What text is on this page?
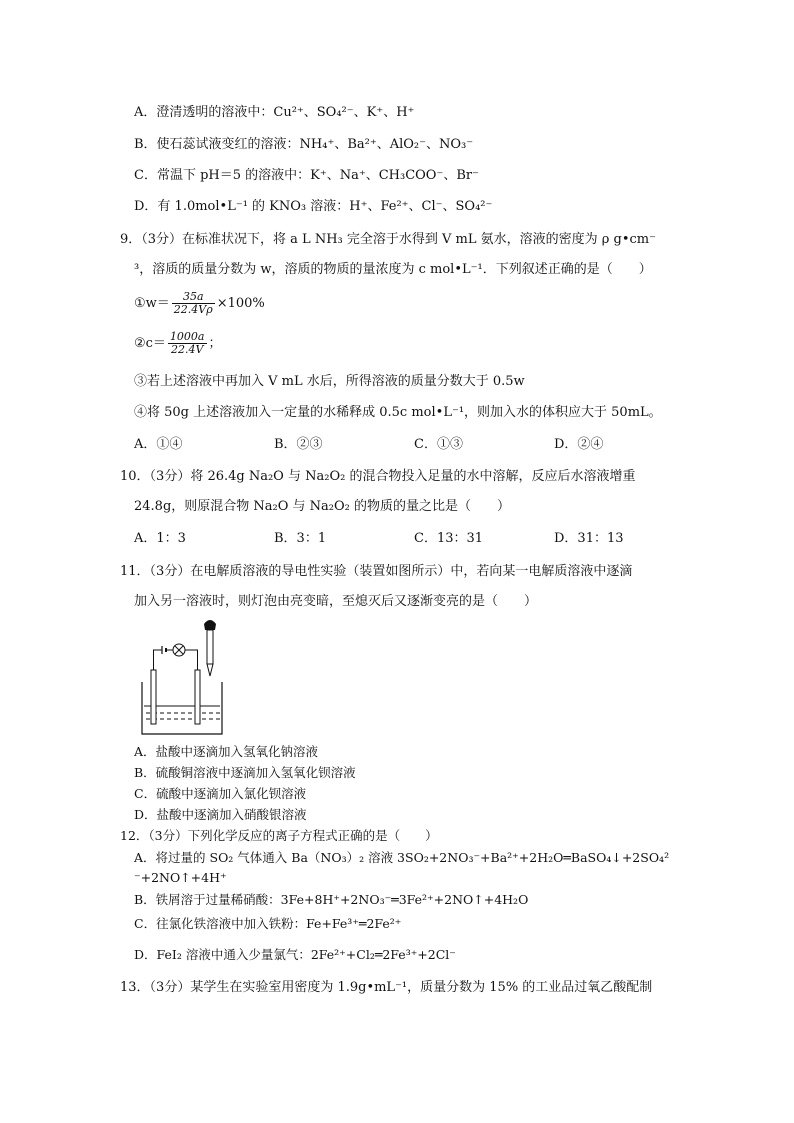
A．澄清透明的溶液中：Cu²⁺、SO₄²⁻、K⁺、H⁺
B．使石蕊试液变红的溶液：NH₄⁺、Ba²⁺、AlO₂⁻、NO₃⁻
C．常温下 pH＝5 的溶液中：K⁺、Na⁺、CH₃COO⁻、Br⁻
D．有 1.0mol•L⁻¹ 的 KNO₃ 溶液：H⁺、Fe²⁺、Cl⁻、SO₄²⁻
9．（3分）在标准状况下，将 a L NH₃ 完全溶于水得到 V mL 氨水，溶液的密度为 ρ g•cm⁻
³，溶质的质量分数为 w，溶质的物质的量浓度为 c mol•L⁻¹．下列叙述正确的是（　　）
①w＝ $\frac{35a}{22.4V\rho} \times 100\%$
②c＝ $\frac{1000a}{22.4V}$ ；
③若上述溶液中再加入 V mL 水后，所得溶液的质量分数大于 0.5w
④将 50g 上述溶液加入一定量的水稀释成 0.5c mol•L⁻¹，则加入水的体积应大于 50mL。
A．①④	B．②③	C．①③	D．②④
10．（3分）将 26.4g Na₂O 与 Na₂O₂ 的混合物投入足量的水中溶解，反应后水溶液增重
24.8g，则原混合物 Na₂O 与 Na₂O₂ 的物质的量之比是（　　）
A．1：3	B．3：1	C．13：31	D．31：13
11．（3分）在电解质溶液的导电性实验（装置如图所示）中，若向某一电解质溶液中逐滴
加入另一溶液时，则灯泡由亮变暗，至熄灭后又逐渐变亮的是（　　）
A．盐酸中逐滴加入氢氧化钠溶液
B．硫酸铜溶液中逐滴加入氢氧化钡溶液
C．硫酸中逐滴加入氯化钡溶液
D．盐酸中逐滴加入硝酸银溶液
12．（3分）下列化学反应的离子方程式正确的是（　　）
A．将过量的 SO₂ 气体通入 Ba（NO₃）₂ 溶液 3SO₂+2NO₃⁻+Ba²⁺+2H₂O═BaSO₄↓+2SO₄²
⁻+2NO↑+4H⁺
B．铁屑溶于过量稀硝酸：3Fe+8H⁺+2NO₃⁻═3Fe²⁺+2NO↑+4H₂O
C．往氯化铁溶液中加入铁粉：Fe+Fe³⁺═2Fe²⁺
D．FeI₂ 溶液中通入少量氯气：2Fe²⁺+Cl₂═2Fe³⁺+2Cl⁻
13．（3分）某学生在实验室用密度为 1.9g•mL⁻¹，质量分数为 15% 的工业品过氧乙酸配制
